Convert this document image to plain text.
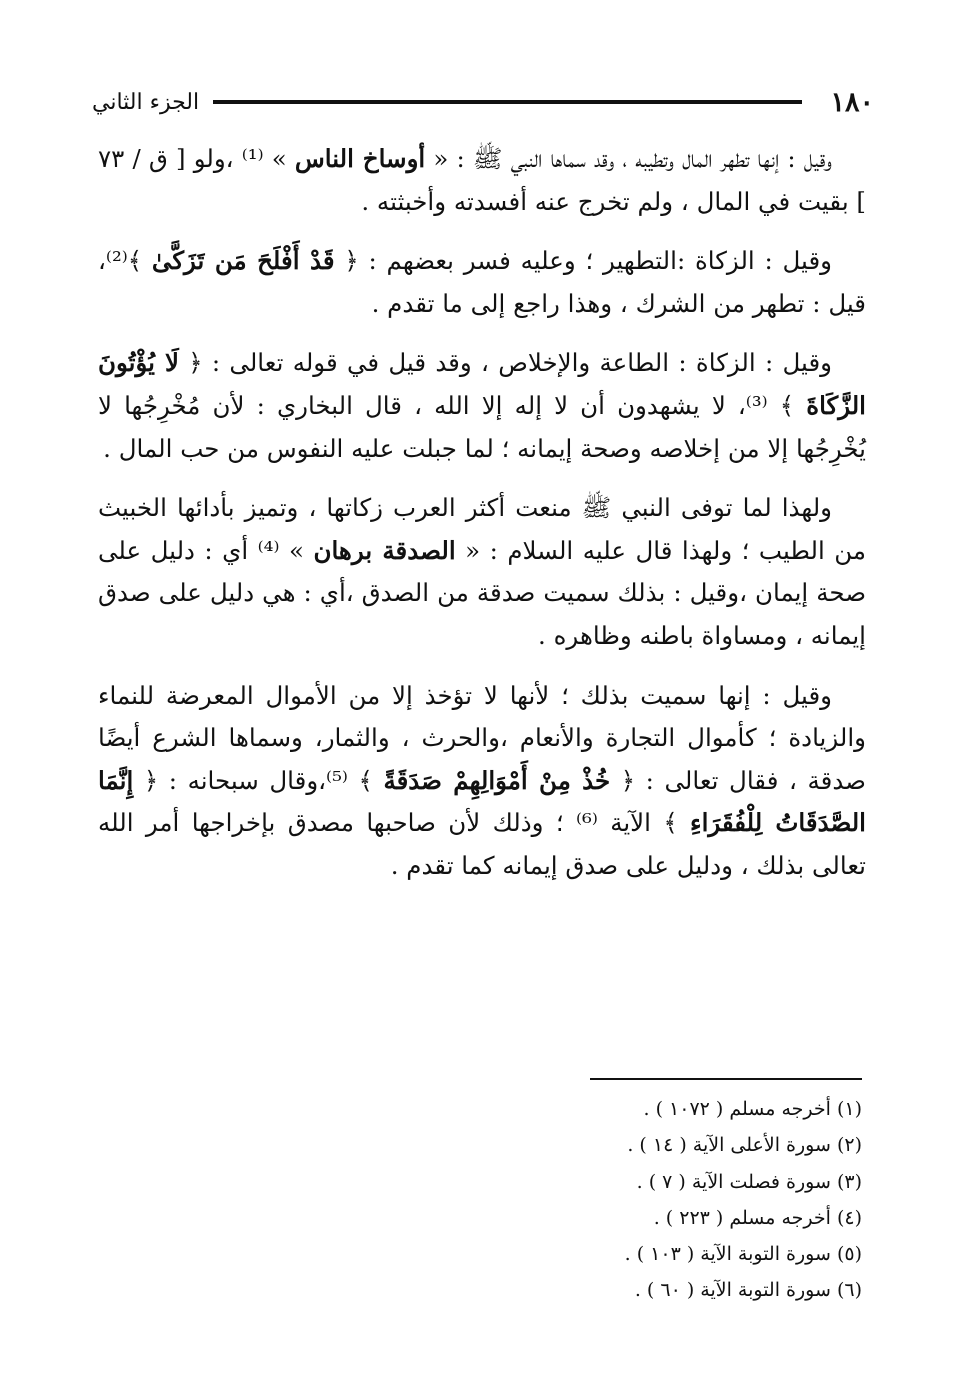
١٨٠
الجزء الثاني

وقيل : إنها تطهر المال وتطيبه ، وقد سماها النبي ﷺ : « أوساخ الناس » ⁽¹⁾ ،ولو [ ق / ٧٣ ] بقيت في المال ، ولم تخرج عنه أفسدته وأخبثته .

وقيل : الزكاة :التطهير ؛ وعليه فسر بعضهم : ﴿ قَدْ أَفْلَحَ مَن تَزَكَّىٰ ﴾⁽²⁾، قيل : تطهر من الشرك ، وهذا راجع إلى ما تقدم .

وقيل : الزكاة : الطاعة والإخلاص ، وقد قيل في قوله تعالى : ﴿ لَا يُؤْتُونَ الزَّكَاةَ ﴾ ⁽³⁾، لا يشهدون أن لا إله إلا الله ، قال البخاري : لأن مُخْرِجُها لا يُخْرِجُها إلا من إخلاصه وصحة إيمانه ؛ لما جبلت عليه النفوس من حب المال .

ولهذا لما توفى النبي ﷺ منعت أكثر العرب زكاتها ، وتميز بأدائها الخبيث من الطيب ؛ ولهذا قال عليه السلام : « الصدقة برهان » ⁽⁴⁾ أي : دليل على صحة إيمان ،وقيل : بذلك سميت صدقة من الصدق ،أي : هي دليل على صدق إيمانه ، ومساواة باطنه وظاهره .

وقيل : إنها سميت بذلك ؛ لأنها لا تؤخذ إلا من الأموال المعرضة للنماء والزيادة ؛ كأموال التجارة والأنعام ،والحرث ، والثمار، وسماها الشرع أيضًا صدقة ، فقال تعالى : ﴿ خُذْ مِنْ أَمْوَالِهِمْ صَدَقَةً ﴾ ⁽⁵⁾،وقال سبحانه : ﴿ إِنَّمَا الصَّدَقَاتُ لِلْفُقَرَاءِ ﴾ الآية ⁽⁶⁾ ؛ وذلك لأن صاحبها مصدق بإخراجها أمر الله تعالى بذلك ، ودليل على صدق إيمانه كما تقدم .

(١) أخرجه مسلم ( ١٠٧٢ ) .
(٢) سورة الأعلى الآية ( ١٤ ) .
(٣) سورة فصلت الآية ( ٧ ) .
(٤) أخرجه مسلم ( ٢٢٣ ) .
(٥) سورة التوبة الآية ( ١٠٣ ) .
(٦) سورة التوبة الآية ( ٦٠ ) .
